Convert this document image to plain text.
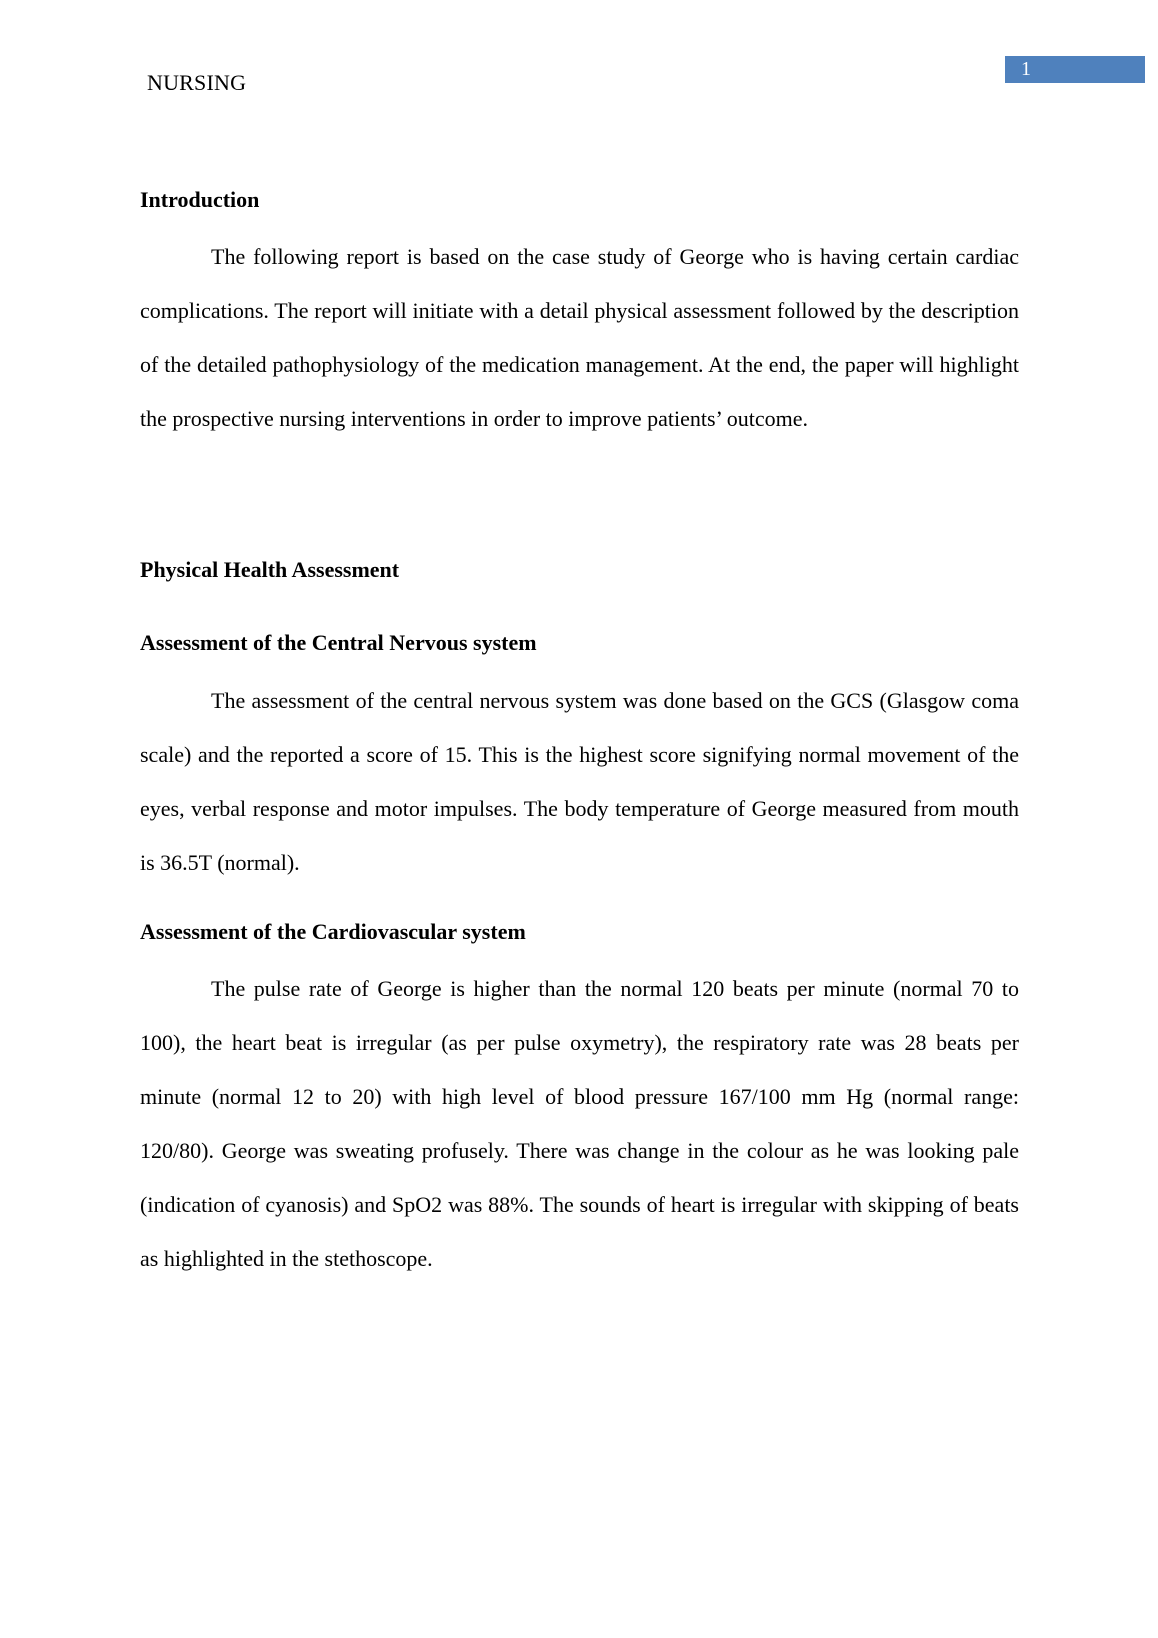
NURSING
1
Introduction

The following report is based on the case study of George who is having certain cardiac complications. The report will initiate with a detail physical assessment followed by the description of the detailed pathophysiology of the medication management. At the end, the paper will highlight the prospective nursing interventions in order to improve patients’ outcome.

Physical Health Assessment
Assessment of the Central Nervous system

The assessment of the central nervous system was done based on the GCS (Glasgow coma scale) and the reported a score of 15. This is the highest score signifying normal movement of the eyes, verbal response and motor impulses. The body temperature of George measured from mouth is 36.5T (normal).

Assessment of the Cardiovascular system

The pulse rate of George is higher than the normal 120 beats per minute (normal 70 to 100), the heart beat is irregular (as per pulse oxymetry), the respiratory rate was 28 beats per minute (normal 12 to 20) with high level of blood pressure 167/100 mm Hg (normal range: 120/80). George was sweating profusely. There was change in the colour as he was looking pale (indication of cyanosis) and SpO2 was 88%. The sounds of heart is irregular with skipping of beats as highlighted in the stethoscope.
